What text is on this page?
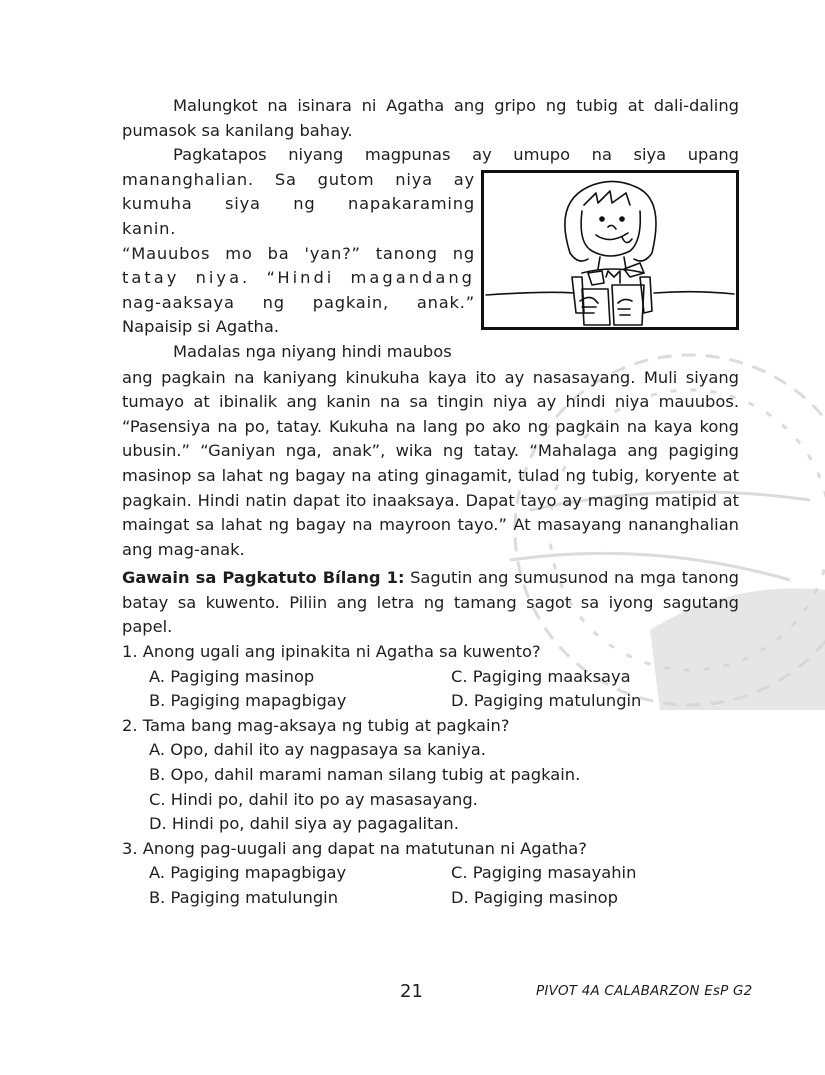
Malungkot na isinara ni Agatha ang gripo ng tubig at dali-daling pumasok sa kanilang bahay.

Pagkatapos niyang magpunas ay umupo na siya upang

mananghalian. Sa gutom niya ay

kumuha siya ng napakaraming kanin.

“Mauubos mo ba 'yan?” tanong ng

tatay niya. “Hindi magandang

nag-aaksaya ng pagkain, anak.”

Napaisip si Agatha.

Madalas nga niyang hindi maubos

ang pagkain na kaniyang kinukuha kaya ito ay nasasayang. Muli siyang tumayo at ibinalik ang kanin na sa tingin niya ay hindi niya mauubos. “Pasensiya na po, tatay. Kukuha na lang po ako ng pagkain na kaya kong ubusin.” “Ganiyan nga, anak”, wika ng tatay. “Mahalaga ang pagiging masinop sa lahat ng bagay na ating ginagamit, tulad ng tubig, koryente at pagkain. Hindi natin dapat ito inaaksaya. Dapat tayo ay maging matipid at maingat sa lahat ng bagay na mayroon tayo.” At masayang nananghalian ang mag-anak.

Gawain sa Pagkatuto Bílang 1: Sagutin ang sumusunod na mga tanong batay sa kuwento. Piliin ang letra ng tamang sagot sa iyong sagutang papel.

1. Anong ugali ang ipinakita ni Agatha sa kuwento?
A. Pagiging masinop	C. Pagiging maaksaya
B. Pagiging mapagbigay	D. Pagiging matulungin
2. Tama bang mag-aksaya ng tubig at pagkain?
A. Opo, dahil ito ay nagpasaya sa kaniya.
B. Opo, dahil marami naman silang tubig at pagkain.
C. Hindi po, dahil ito po ay masasayang.
D. Hindi po, dahil siya ay pagagalitan.
3. Anong pag-uugali ang dapat na matutunan ni Agatha?
A. Pagiging mapagbigay	C. Pagiging masayahin
B. Pagiging matulungin	D. Pagiging masinop
21	PIVOT 4A CALABARZON EsP G2
